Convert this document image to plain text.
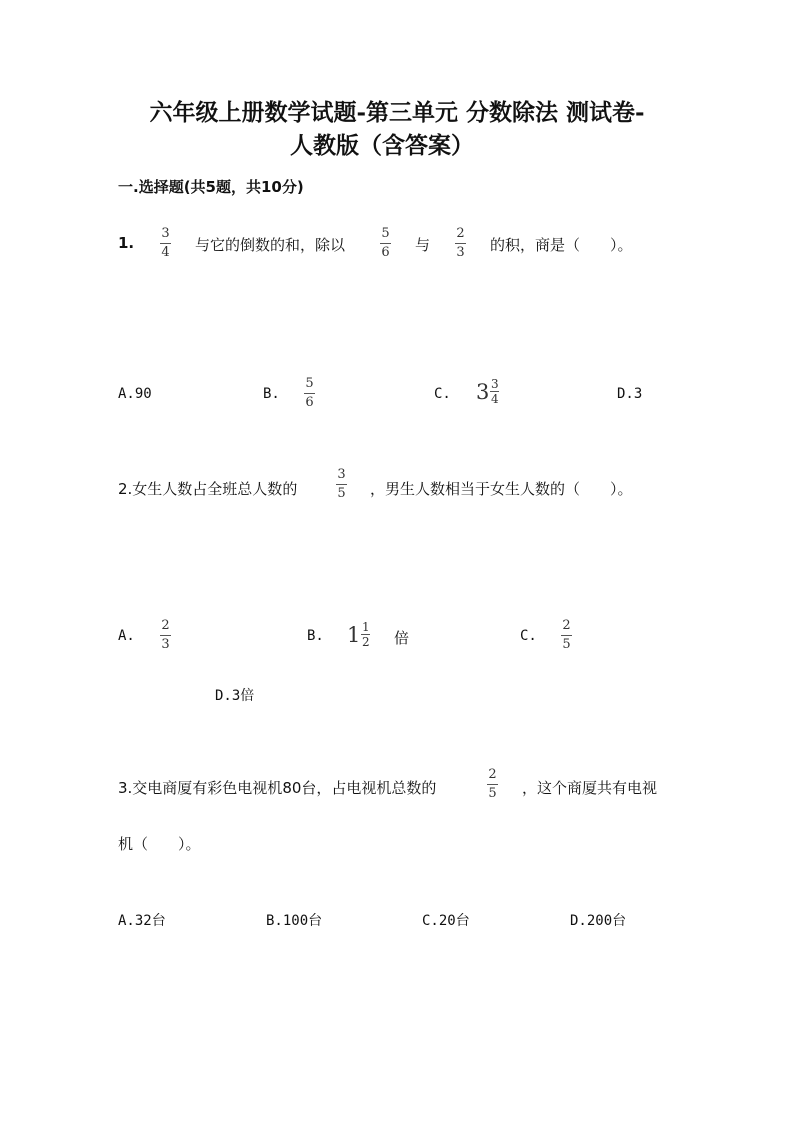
六年级上册数学试题-第三单元 分数除法 测试卷-
人教版（含答案）
一.选择题(共5题，共10分)
1.
3
4 与它的倒数的和，除以
5
6 与
2
3 的积，商是（　　）。
A.90	B.
5
6
C. $3 \frac{3}{4}$	D.3
2.女生人数占全班总人数的
3
5 ，男生人数相当于女生人数的（　　）。
A.
2
3
B. $1 \frac{1}{2}$ 倍	C.
2
5
D.3倍
3.交电商厦有彩色电视机80台，占电视机总数的
2
5 ，这个商厦共有电视
机（　　）。
A.32台	B.100台	C.20台	D.200台
